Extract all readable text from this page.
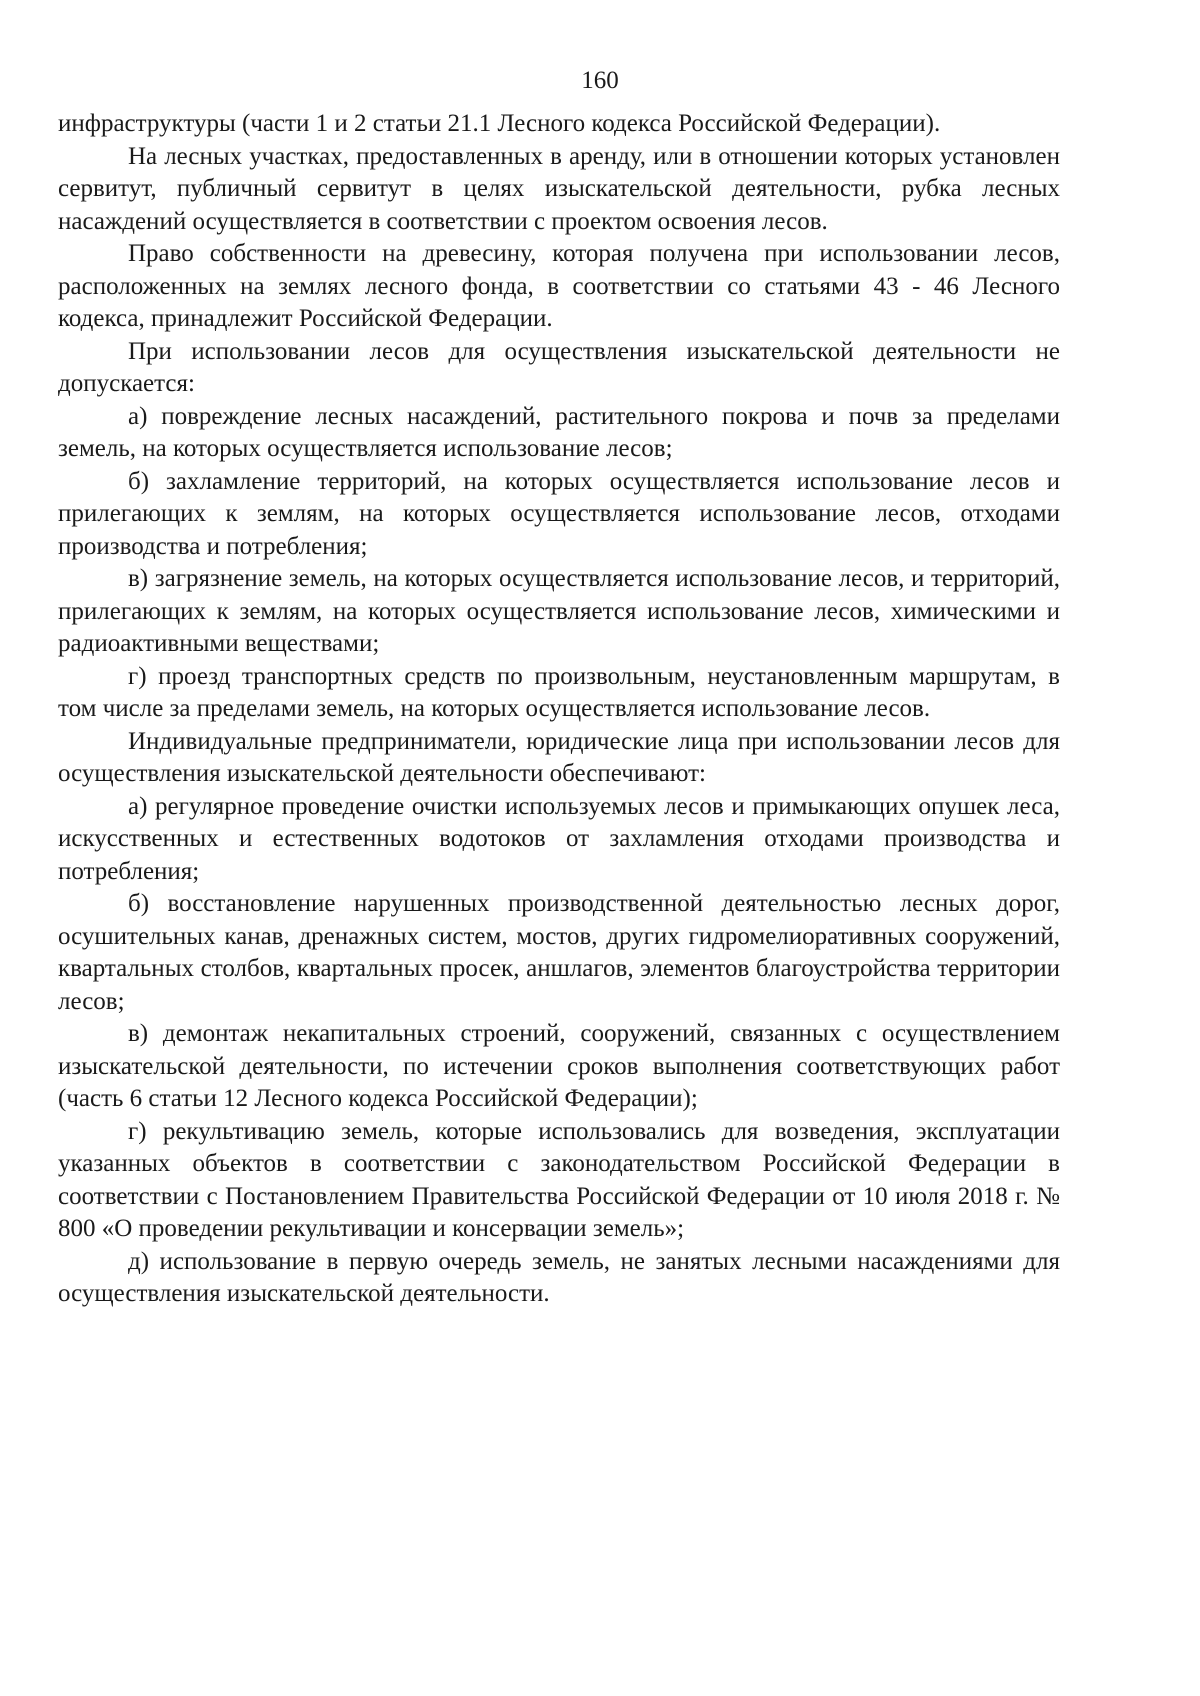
160

инфраструктуры (части 1 и 2 статьи 21.1 Лесного кодекса Российской Федерации).

На лесных участках, предоставленных в аренду, или в отношении которых установлен сервитут, публичный сервитут в целях изыскательской деятельности, рубка лесных насаждений осуществляется в соответствии с проектом освоения лесов.

Право собственности на древесину, которая получена при использовании лесов, расположенных на землях лесного фонда, в соответствии со статьями 43 - 46 Лесного кодекса, принадлежит Российской Федерации.

При использовании лесов для осуществления изыскательской деятельности не допускается:

а) повреждение лесных насаждений, растительного покрова и почв за пределами земель, на которых осуществляется использование лесов;

б) захламление территорий, на которых осуществляется использование лесов и прилегающих к землям, на которых осуществляется использование лесов, отходами производства и потребления;

в) загрязнение земель, на которых осуществляется использование лесов, и территорий, прилегающих к землям, на которых осуществляется использование лесов, химическими и радиоактивными веществами;

г) проезд транспортных средств по произвольным, неустановленным маршрутам, в том числе за пределами земель, на которых осуществляется использование лесов.

Индивидуальные предприниматели, юридические лица при использовании лесов для осуществления изыскательской деятельности обеспечивают:

а) регулярное проведение очистки используемых лесов и примыкающих опушек леса, искусственных и естественных водотоков от захламления отходами производства и потребления;

б) восстановление нарушенных производственной деятельностью лесных дорог, осушительных канав, дренажных систем, мостов, других гидромелиоративных сооружений, квартальных столбов, квартальных просек, аншлагов, элементов благоустройства территории лесов;

в) демонтаж некапитальных строений, сооружений, связанных с осуществлением изыскательской деятельности, по истечении сроков выполнения соответствующих работ (часть 6 статьи 12 Лесного кодекса Российской Федерации);

г) рекультивацию земель, которые использовались для возведения, эксплуатации указанных объектов в соответствии с законодательством Российской Федерации в соответствии с Постановлением Правительства Российской Федерации от 10 июля 2018 г. № 800 «О проведении рекультивации и консервации земель»;

д) использование в первую очередь земель, не занятых лесными насаждениями для осуществления изыскательской деятельности.
